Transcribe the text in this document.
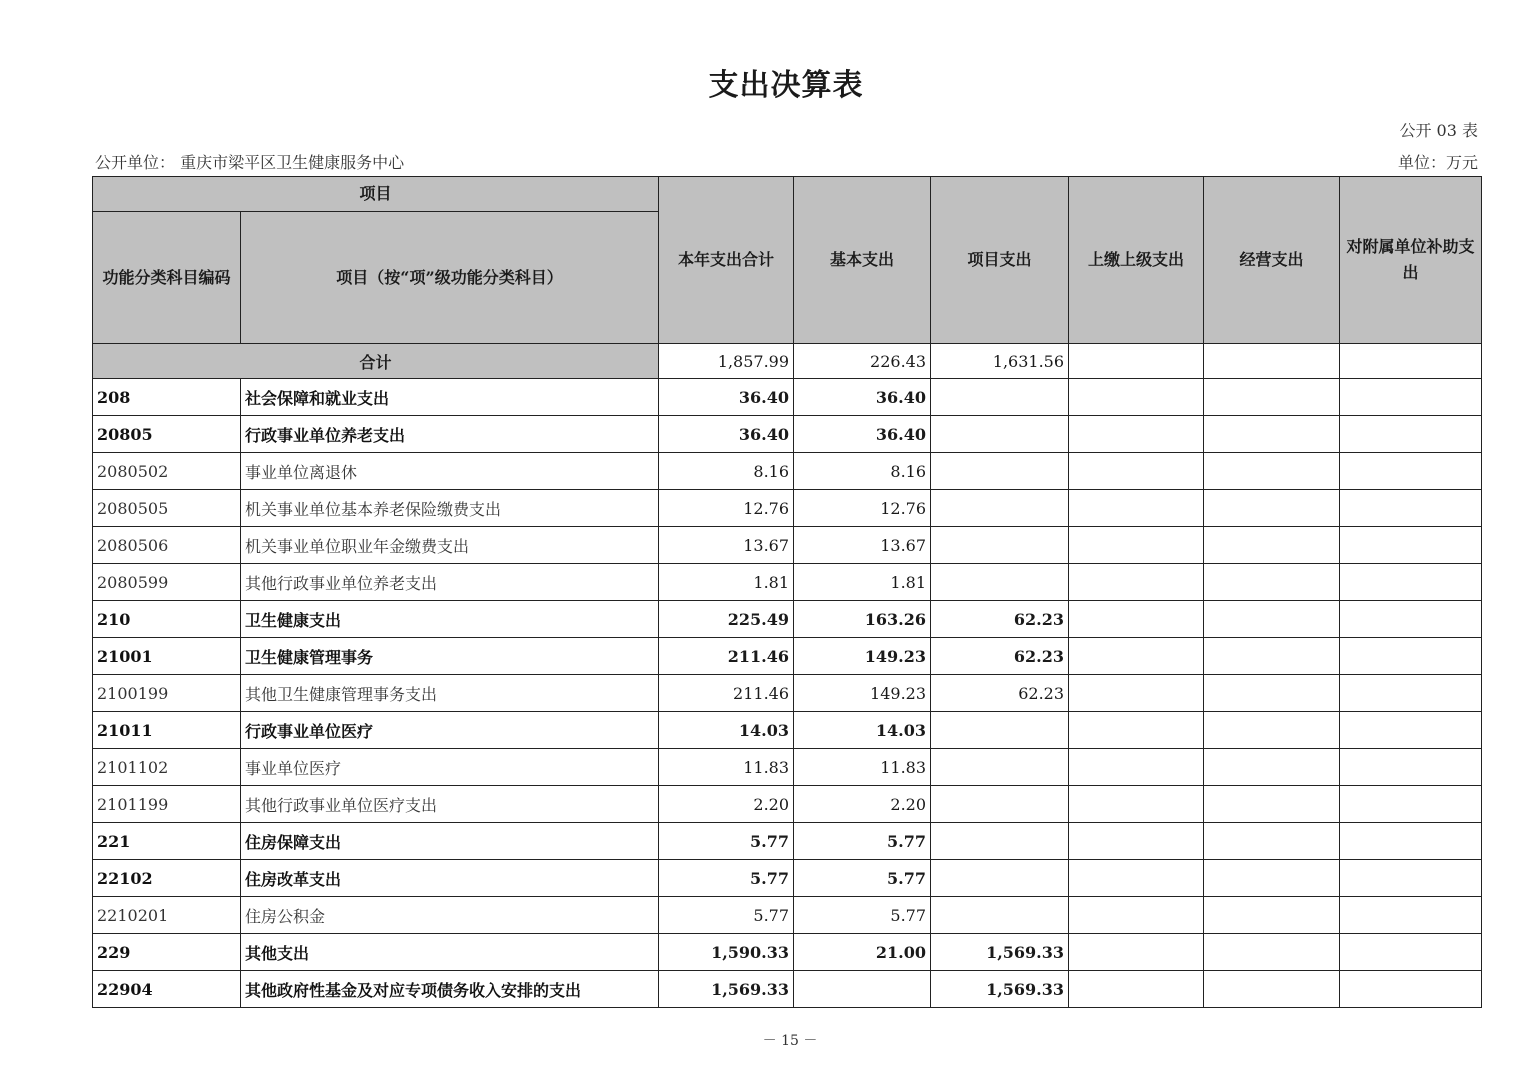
支出决算表
公开 03 表
公开单位： 重庆市梁平区卫生健康服务中心	单位：万元
项目		本年支出合计	基本支出	项目支出	上缴上级支出	经营支出	对附属单位补助支出
功能分类科目编码	项目（按“项”级功能分类科目）						
合计		1,857.99	226.43	1,631.56			
208	社会保障和就业支出	36.40	36.40				
20805	行政事业单位养老支出	36.40	36.40				
2080502	事业单位离退休	8.16	8.16				
2080505	机关事业单位基本养老保险缴费支出	12.76	12.76				
2080506	机关事业单位职业年金缴费支出	13.67	13.67				
2080599	其他行政事业单位养老支出	1.81	1.81				
210	卫生健康支出	225.49	163.26	62.23			
21001	卫生健康管理事务	211.46	149.23	62.23			
2100199	其他卫生健康管理事务支出	211.46	149.23	62.23			
21011	行政事业单位医疗	14.03	14.03				
2101102	事业单位医疗	11.83	11.83				
2101199	其他行政事业单位医疗支出	2.20	2.20				
221	住房保障支出	5.77	5.77				
22102	住房改革支出	5.77	5.77				
2210201	住房公积金	5.77	5.77				
229	其他支出	1,590.33	21.00	1,569.33			
22904	其他政府性基金及对应专项债务收入安排的支出	1,569.33		1,569.33			
－ 15 －
